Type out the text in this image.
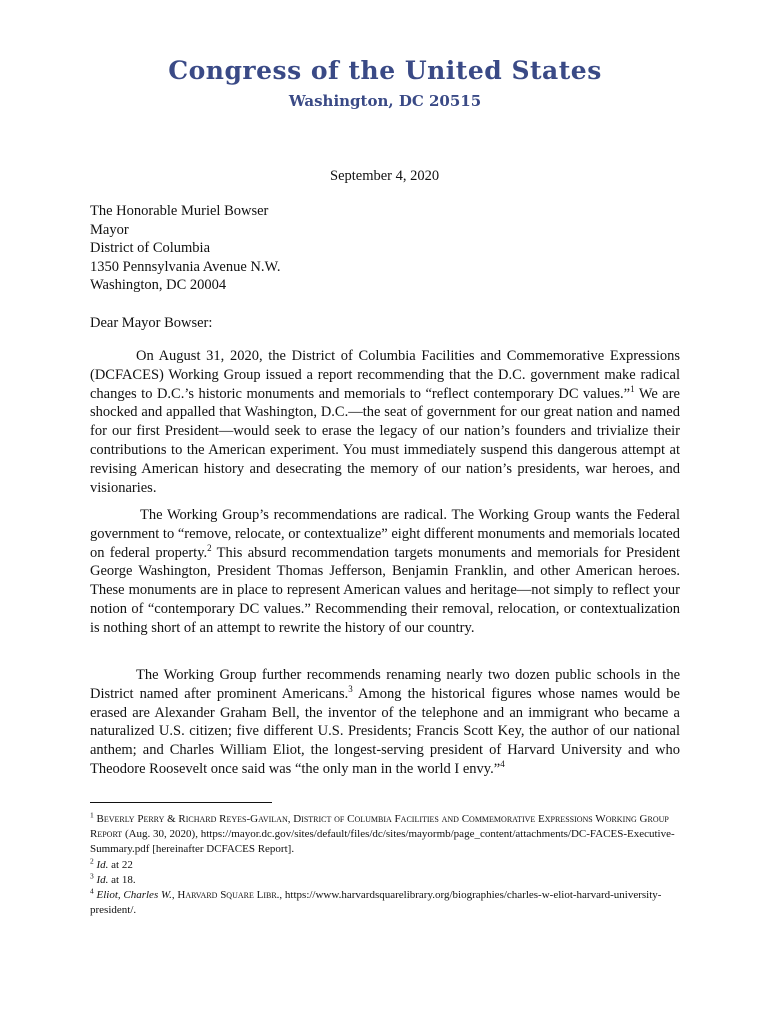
Congress of the United States
Washington, DC 20515
September 4, 2020
The Honorable Muriel Bowser
Mayor
District of Columbia
1350 Pennsylvania Avenue N.W.
Washington, DC 20004
Dear Mayor Bowser:

On August 31, 2020, the District of Columbia Facilities and Commemorative Expressions (DCFACES) Working Group issued a report recommending that the D.C. government make radical changes to D.C.’s historic monuments and memorials to “reflect contemporary DC values.”$^1$ We are shocked and appalled that Washington, D.C.—the seat of government for our great nation and named for our first President—would seek to erase the legacy of our nation’s founders and trivialize their contributions to the American experiment. You must immediately suspend this dangerous attempt at revising American history and desecrating the memory of our nation’s presidents, war heroes, and visionaries.

The Working Group’s recommendations are radical. The Working Group wants the Federal government to “remove, relocate, or contextualize” eight different monuments and memorials located on federal property.$^2$ This absurd recommendation targets monuments and memorials for President George Washington, President Thomas Jefferson, Benjamin Franklin, and other American heroes. These monuments are in place to represent American values and heritage—not simply to reflect your notion of “contemporary DC values.” Recommending their removal, relocation, or contextualization is nothing short of an attempt to rewrite the history of our country.

The Working Group further recommends renaming nearly two dozen public schools in the District named after prominent Americans.$^3$ Among the historical figures whose names would be erased are Alexander Graham Bell, the inventor of the telephone and an immigrant who became a naturalized U.S. citizen; five different U.S. Presidents; Francis Scott Key, the author of our national anthem; and Charles William Eliot, the longest-serving president of Harvard University and who Theodore Roosevelt once said was “the only man in the world I envy.”$^4$

$^1$ Beverly Perry & Richard Reyes-Gavilan, District of Columbia Facilities and Commemorative Expressions Working Group Report (Aug. 30, 2020), https://mayor.dc.gov/sites/default/files/dc/sites/mayormb/page_content/attachments/DC-FACES-Executive-Summary.pdf [hereinafter DCFACES Report].

$^2$ Id. at 22

$^3$ Id. at 18.

$^4$ Eliot, Charles W., Harvard Square Libr., https://www.harvardsquarelibrary.org/biographies/charles-w-eliot-harvard-university-president/.
